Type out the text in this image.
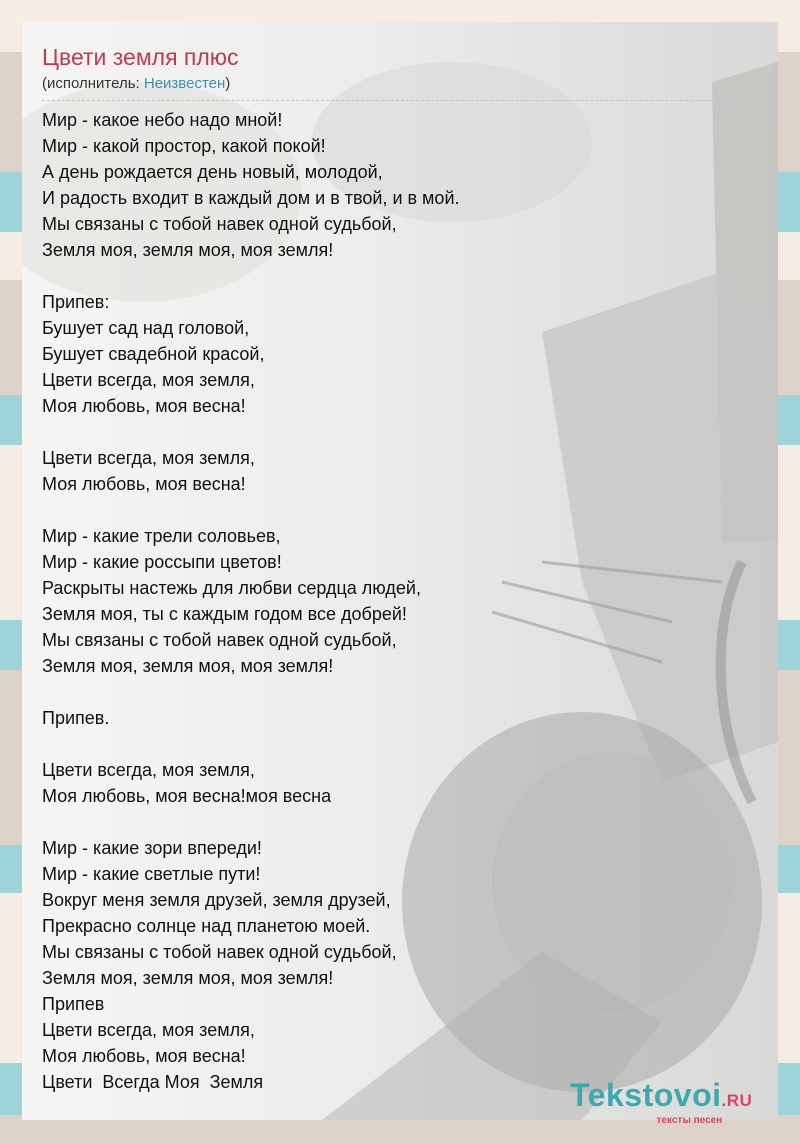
Цвети земля плюс
(исполнитель: Неизвестен)
Мир - какое небо надо мной!
Мир - какой простор, какой покой!
А день рождается день новый, молодой,
И радость входит в каждый дом и в твой, и в мой.
Мы связаны с тобой навек одной судьбой,
Земля моя, земля моя, моя земля!
Припев:
Бушует сад над головой,
Бушует свадебной красой,
Цвети всегда, моя земля,
Моя любовь, моя весна!
Цвети всегда, моя земля,
Моя любовь, моя весна!
Мир - какие трели соловьев,
Мир - какие россыпи цветов!
Раскрыты настежь для любви сердца людей,
Земля моя, ты с каждым годом все добрей!
Мы связаны с тобой навек одной судьбой,
Земля моя, земля моя, моя земля!
Припев.
Цвети всегда, моя земля,
Моя любовь, моя весна!моя весна
Мир - какие зори впереди!
Мир - какие светлые пути!
Вокруг меня земля друзей, земля друзей,
Прекрасно солнце над планетою моей.
Мы связаны с тобой навек одной судьбой,
Земля моя, земля моя, моя земля!
Припев
Цвети всегда, моя земля,
Моя любовь, моя весна!
Цвети  Всегда Моя  Земля	Tekstovoi.RU
тексты песен
